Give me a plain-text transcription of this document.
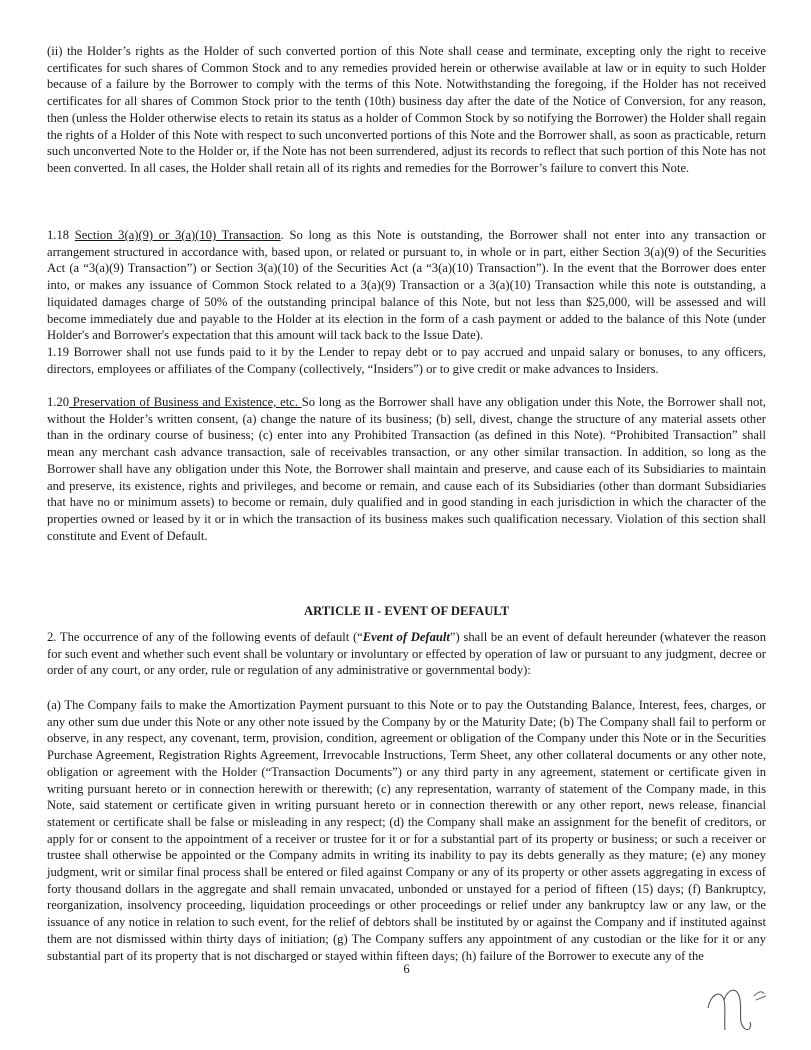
(ii) the Holder’s rights as the Holder of such converted portion of this Note shall cease and terminate, excepting only the right to receive certificates for such shares of Common Stock and to any remedies provided herein or otherwise available at law or in equity to such Holder because of a failure by the Borrower to comply with the terms of this Note. Notwithstanding the foregoing, if the Holder has not received certificates for all shares of Common Stock prior to the tenth (10th) business day after the date of the Notice of Conversion, for any reason, then (unless the Holder otherwise elects to retain its status as a holder of Common Stock by so notifying the Borrower) the Holder shall regain the rights of a Holder of this Note with respect to such unconverted portions of this Note and the Borrower shall, as soon as practicable, return such unconverted Note to the Holder or, if the Note has not been surrendered, adjust its records to reflect that such portion of this Note has not been converted. In all cases, the Holder shall retain all of its rights and remedies for the Borrower’s failure to convert this Note.

1.18 Section 3(a)(9) or 3(a)(10) Transaction. So long as this Note is outstanding, the Borrower shall not enter into any transaction or arrangement structured in accordance with, based upon, or related or pursuant to, in whole or in part, either Section 3(a)(9) of the Securities Act (a “3(a)(9) Transaction”) or Section 3(a)(10) of the Securities Act (a “3(a)(10) Transaction”). In the event that the Borrower does enter into, or makes any issuance of Common Stock related to a 3(a)(9) Transaction or a 3(a)(10) Transaction while this note is outstanding, a liquidated damages charge of 50% of the outstanding principal balance of this Note, but not less than $25,000, will be assessed and will become immediately due and payable to the Holder at its election in the form of a cash payment or added to the balance of this Note (under Holder's and Borrower's expectation that this amount will tack back to the Issue Date).

1.19 Borrower shall not use funds paid to it by the Lender to repay debt or to pay accrued and unpaid salary or bonuses, to any officers, directors, employees or affiliates of the Company (collectively, “Insiders”) or to give credit or make advances to Insiders.

1.20 Preservation of Business and Existence, etc. So long as the Borrower shall have any obligation under this Note, the Borrower shall not, without the Holder’s written consent, (a) change the nature of its business; (b) sell, divest, change the structure of any material assets other than in the ordinary course of business; (c) enter into any Prohibited Transaction (as defined in this Note). “Prohibited Transaction” shall mean any merchant cash advance transaction, sale of receivables transaction, or any other similar transaction. In addition, so long as the Borrower shall have any obligation under this Note, the Borrower shall maintain and preserve, and cause each of its Subsidiaries to maintain and preserve, its existence, rights and privileges, and become or remain, and cause each of its Subsidiaries (other than dormant Subsidiaries that have no or minimum assets) to become or remain, duly qualified and in good standing in each jurisdiction in which the character of the properties owned or leased by it or in which the transaction of its business makes such qualification necessary. Violation of this section shall constitute and Event of Default.

ARTICLE II - EVENT OF DEFAULT

2. The occurrence of any of the following events of default (“Event of Default”) shall be an event of default hereunder (whatever the reason for such event and whether such event shall be voluntary or involuntary or effected by operation of law or pursuant to any judgment, decree or order of any court, or any order, rule or regulation of any administrative or governmental body):

(a) The Company fails to make the Amortization Payment pursuant to this Note or to pay the Outstanding Balance, Interest, fees, charges, or any other sum due under this Note or any other note issued by the Company by or the Maturity Date; (b) The Company shall fail to perform or observe, in any respect, any covenant, term, provision, condition, agreement or obligation of the Company under this Note or in the Securities Purchase Agreement, Registration Rights Agreement, Irrevocable Instructions, Term Sheet, any other collateral documents or any other note, obligation or agreement with the Holder (“Transaction Documents”) or any third party in any agreement, statement or certificate given in writing pursuant hereto or in connection herewith or therewith; (c) any representation, warranty of statement of the Company made, in this Note, said statement or certificate given in writing pursuant hereto or in connection therewith or any other report, news release, financial statement or certificate shall be false or misleading in any respect; (d) the Company shall make an assignment for the benefit of creditors, or apply for or consent to the appointment of a receiver or trustee for it or for a substantial part of its property or business; or such a receiver or trustee shall otherwise be appointed or the Company admits in writing its inability to pay its debts generally as they mature; (e) any money judgment, writ or similar final process shall be entered or filed against Company or any of its property or other assets aggregating in excess of forty thousand dollars in the aggregate and shall remain unvacated, unbonded or unstayed for a period of fifteen (15) days; (f) Bankruptcy, reorganization, insolvency proceeding, liquidation proceedings or other proceedings or relief under any bankruptcy law or any law, or the issuance of any notice in relation to such event, for the relief of debtors shall be instituted by or against the Company and if instituted against them are not dismissed within thirty days of initiation; (g) The Company suffers any appointment of any custodian or the like for it or any substantial part of its property that is not discharged or stayed within fifteen days; (h) failure of the Borrower to execute any of the

6
